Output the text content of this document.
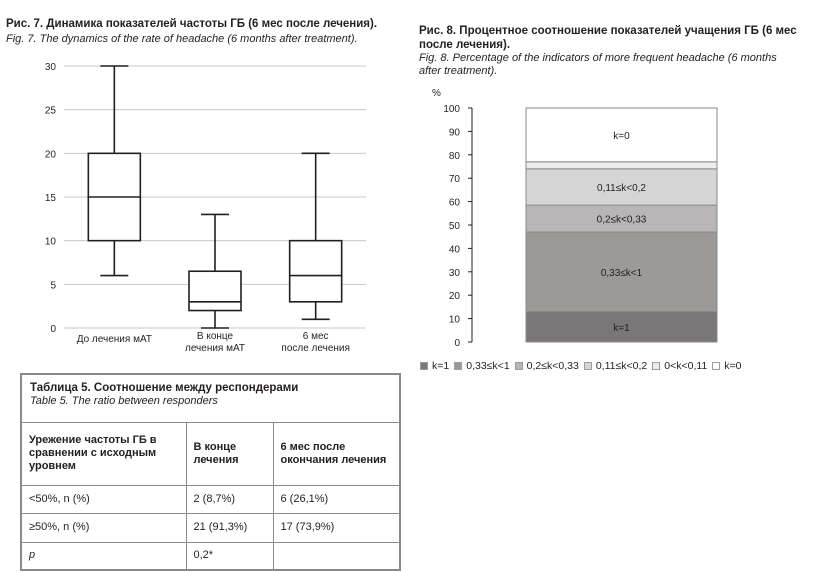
Рис. 7. Динамика показателей частоты ГБ (6 мес после лечения).
Fig. 7. The dynamics of the rate of headache (6 months after treatment).
0
5
10
15
20
25
30
До лечения мАТ	В конце
лечения мАТ
6 мес
после лечения
Рис. 8. Процентное соотношение показателей учащения ГБ (6 мес после лечения).
Fig. 8. Percentage of the indicators of more frequent headache (6 months after treatment).
%
0
10
20
30
40
50
60
70
80
90
100
k=1
0,33≤k<1
0,2≤k<0,33
0,11≤k<0,2
k=0
k=1 0,33≤k<1 0,2≤k<0,33 0,11≤k<0,2 0<k<0,11 k=0
Таблица 5. Соотношение между респондерами
Table 5. The ratio between responders
Урежение частоты ГБ в сравнении с исходным уровнем	В конце лечения	6 мес после окончания лечения
<50%, n (%)	2 (8,7%)	6 (26,1%)
≥50%, n (%)	21 (91,3%)	17 (73,9%)
p	0,2*	
